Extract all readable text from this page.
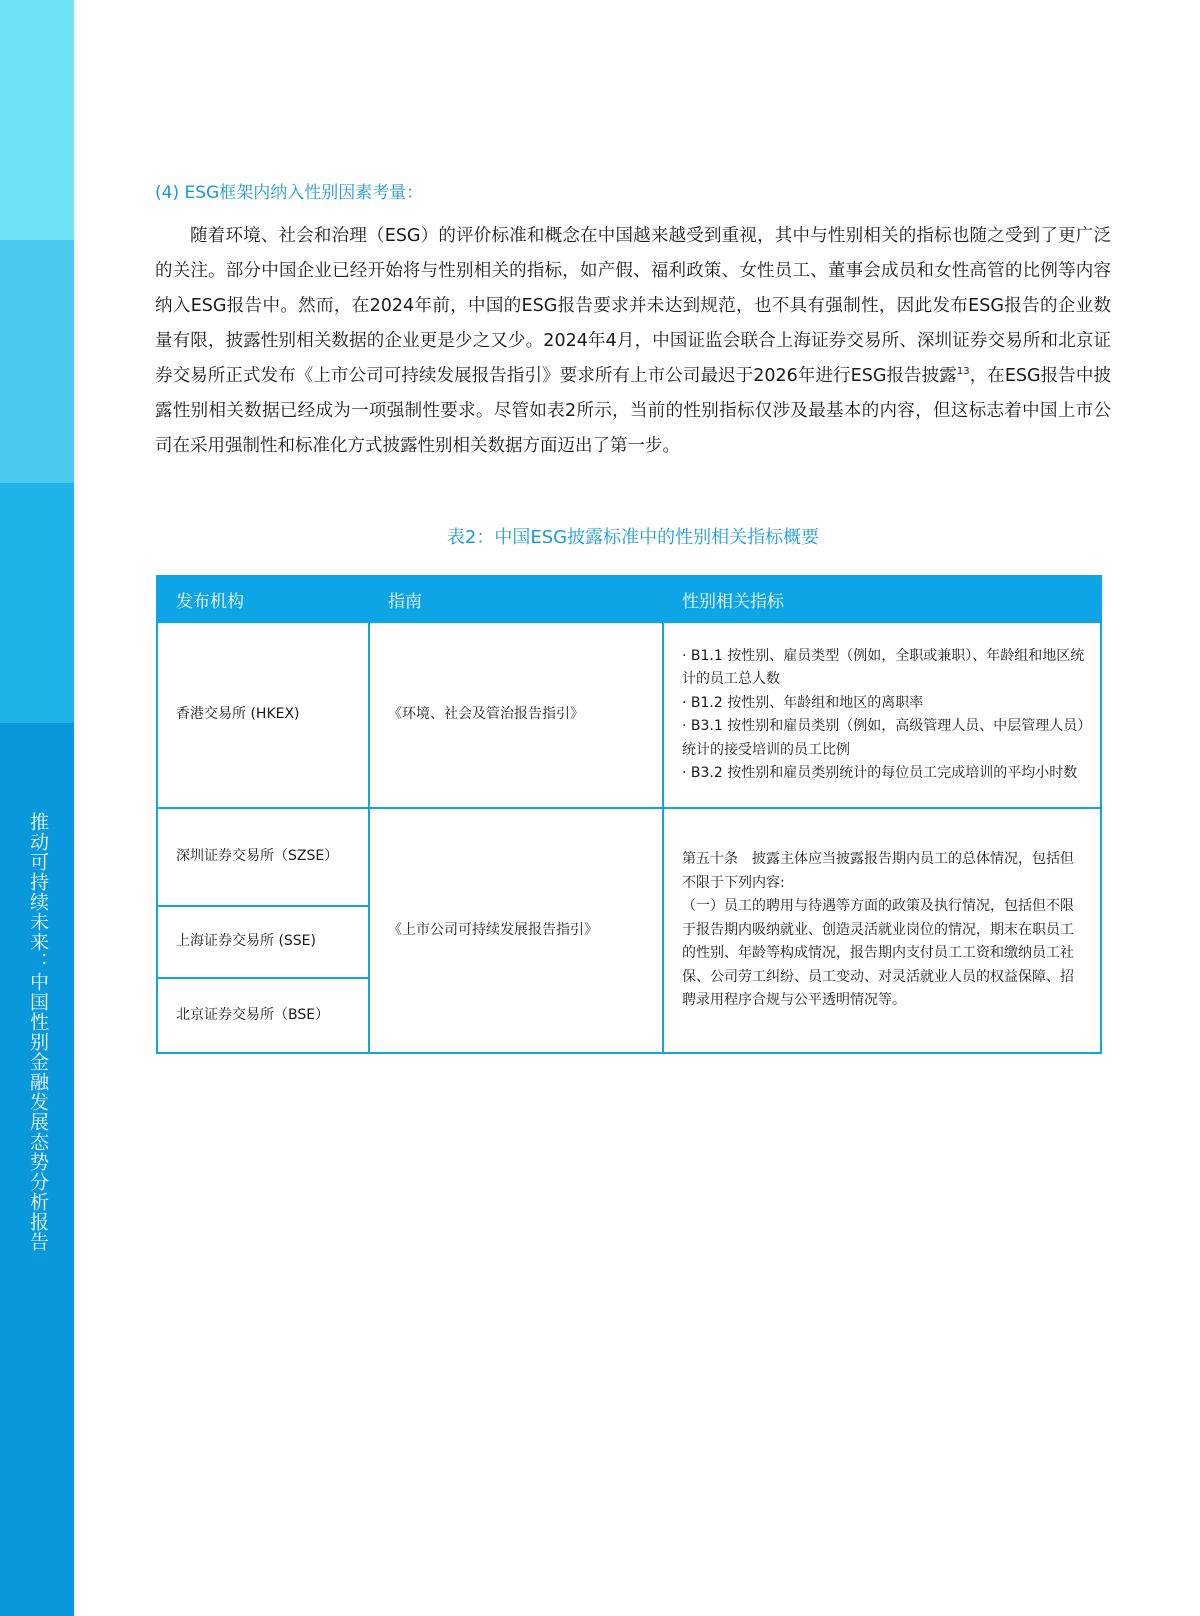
推动可持续未来：中国性别金融发展态势分析报告
(4) ESG框架内纳入性别因素考量：

随着环境、社会和治理（ESG）的评价标准和概念在中国越来越受到重视，其中与性别相关的指标也随之受到了更广泛的关注。部分中国企业已经开始将与性别相关的指标，如产假、福利政策、女性员工、董事会成员和女性高管的比例等内容纳入ESG报告中。然而，在2024年前，中国的ESG报告要求并未达到规范，也不具有强制性，因此发布ESG报告的企业数量有限，披露性别相关数据的企业更是少之又少。2024年4月，中国证监会联合上海证券交易所、深圳证券交易所和北京证券交易所正式发布《上市公司可持续发展报告指引》要求所有上市公司最迟于2026年进行ESG报告披露$^{13}$，在ESG报告中披露性别相关数据已经成为一项强制性要求。尽管如表2所示，当前的性别指标仅涉及最基本的内容，但这标志着中国上市公司在采用强制性和标准化方式披露性别相关数据方面迈出了第一步。

表2：中国ESG披露标准中的性别相关指标概要
发布机构	指南	性别相关指标
香港交易所 (HKEX)	《环境、社会及管治报告指引》	· B1.1 按性别、雇员类型（例如，全职或兼职）、年龄组和地区统计的员工总人数
· B1.2 按性别、年龄组和地区的离职率
· B3.1 按性别和雇员类别（例如，高级管理人员、中层管理人员）统计的接受培训的员工比例
· B3.2 按性别和雇员类别统计的每位员工完成培训的平均小时数

深圳证券交易所（SZSE）	《上市公司可持续发展报告指引》	第五十条　披露主体应当披露报告期内员工的总体情况，包括但不限于下列内容:

（一）员工的聘用与待遇等方面的政策及执行情况，包括但不限于报告期内吸纳就业、创造灵活就业岗位的情况，期末在职员工的性别、年龄等构成情况，报告期内支付员工工资和缴纳员工社保、公司劳工纠纷、员工变动、对灵活就业人员的权益保障、招聘录用程序合规与公平透明情况等。

上海证券交易所 (SSE)		
北京证券交易所（BSE）		
